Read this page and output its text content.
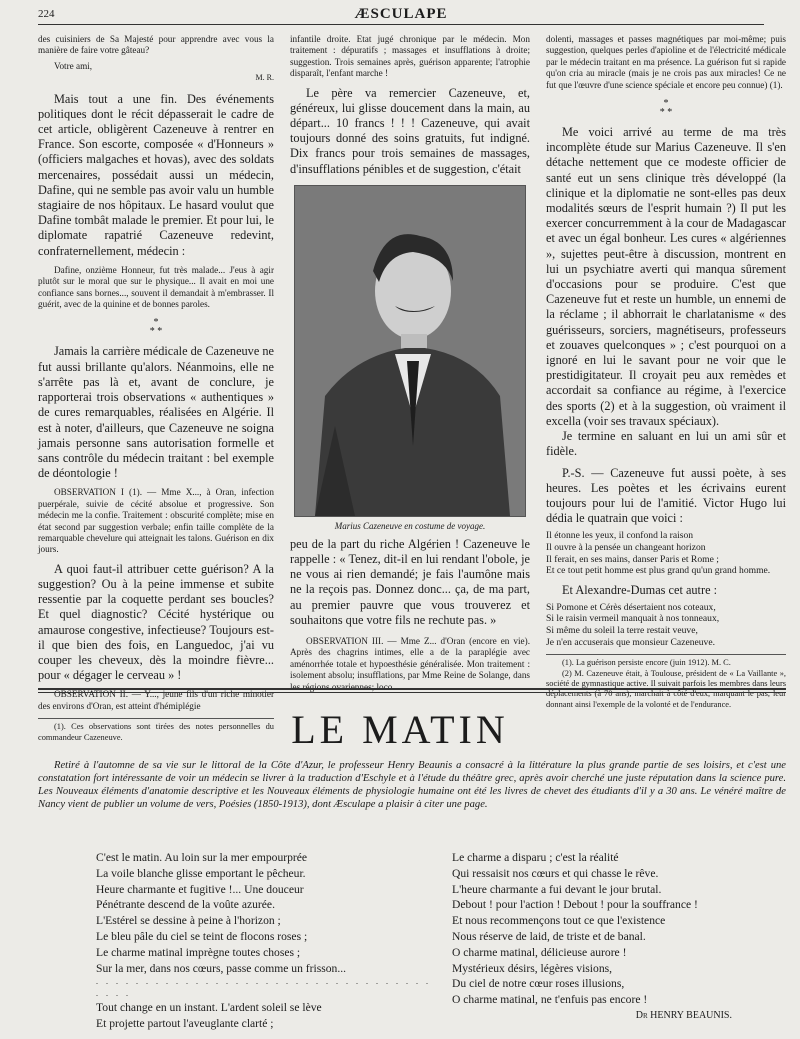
224	ÆSCULAPE

des cuisiniers de Sa Majesté pour apprendre avec vous la manière de faire votre gâteau?

Votre ami,

M. R.

Mais tout a une fin. Des événements politiques dont le récit dépasserait le cadre de cet article, obligèrent Cazeneuve à rentrer en France. Son escorte, composée « d'Honneurs » (officiers malgaches et hovas), avec des soldats mercenaires, possédait aussi un médecin, Dafine, qui ne semble pas avoir valu un humble stagiaire de nos hôpitaux. Le hasard voulut que Dafine tombât malade le premier. Et pour lui, le diplomate rapatrié Cazeneuve redevint, confraternellement, médecin :

Dafine, onzième Honneur, fut très malade... J'eus à agir plutôt sur le moral que sur le physique... Il avait en moi une confiance sans bornes..., souvent il demandait à m'embrasser. Il guérit, avec de la quinine et de bonnes paroles.

*
* *

Jamais la carrière médicale de Cazeneuve ne fut aussi brillante qu'alors. Néanmoins, elle ne s'arrête pas là et, avant de conclure, je rapporterai trois observations « authentiques » de cures remarquables, réalisées en Algérie. Il est à noter, d'ailleurs, que Cazeneuve ne soigna jamais personne sans autorisation formelle et sans contrôle du médecin traitant : bel exemple de déontologie !

OBSERVATION I (1). — Mme X..., à Oran, infection puerpérale, suivie de cécité absolue et progressive. Son médecin me la confie. Traitement : obscurité complète; mise en état second par suggestion verbale; enfin taille complète de la remarquable chevelure qui atteignait les talons. Guérison en dix jours.

A quoi faut-il attribuer cette guérison? A la suggestion? Ou à la peine immense et subite ressentie par la coquette perdant ses boucles? Et quel diagnostic? Cécité hystérique ou amaurose congestive, infectieuse? Toujours est-il que bien des fois, en Languedoc, j'ai vu couper les cheveux, dès la moindre fièvre... pour « dégager le cerveau » !

OBSERVATION II. — Y..., jeune fils d'un riche minotier des environs d'Oran, est atteint d'hémiplégie

(1). Ces observations sont tirées des notes personnelles du commandeur Cazeneuve.

infantile droite. Etat jugé chronique par le médecin. Mon traitement : dépuratifs ; massages et insufflations à droite; suggestion. Trois semaines après, guérison apparente; l'atrophie disparaît, l'enfant marche !

Le père va remercier Cazeneuve, et, généreux, lui glisse doucement dans la main, au départ... 10 francs ! ! ! Cazeneuve, qui avait toujours donné des soins gratuits, fut indigné. Dix francs pour trois semaines de massages, d'insufflations pénibles et de suggestion, c'était

Marius Cazeneuve en costume de voyage.

peu de la part du riche Algérien ! Cazeneuve le rappelle : « Tenez, dit-il en lui rendant l'obole, je ne vous ai rien demandé; je fais l'aumône mais ne la reçois pas. Donnez donc... ça, de ma part, au premier pauvre que vous trouverez et souhaitons que votre fils ne rechute pas. »

OBSERVATION III. — Mme Z... d'Oran (encore en vie). Après des chagrins intimes, elle a de la paraplégie avec aménorrhée totale et hypoesthésie généralisée. Mon traitement : isolement absolu; insufflations, par Mme Reine de Solange, dans les régions ovariennes; loco

dolenti, massages et passes magnétiques par moi-même; puis suggestion, quelques perles d'apioline et de l'électricité médicale par le médecin traitant en ma présence. La guérison fut si rapide qu'on cria au miracle (mais je ne crois pas aux miracles! Ce ne fut que l'œuvre d'une science spéciale et encore peu connue) (1).

*
* *

Me voici arrivé au terme de ma très incomplète étude sur Marius Cazeneuve. Il s'en détache nettement que ce modeste officier de santé eut un sens clinique très développé (la clinique et la diplomatie ne sont-elles pas deux modalités sœurs de l'esprit humain ?) Il put les exercer concurremment à la cour de Madagascar et avec un égal bonheur. Les cures « algériennes », sujettes peut-être à discussion, montrent en lui un psychiatre averti qui manqua sûrement d'occasions pour se produire. C'est que Cazeneuve fut et reste un humble, un ennemi de la réclame ; il abhorrait le charlatanisme « des guérisseurs, sorciers, magnétiseurs, professeurs et zouaves quelconques » ; c'est pourquoi on a ignoré en lui le savant pour ne voir que le prestidigitateur. Il croyait peu aux remèdes et accordait sa confiance au régime, à l'exercice des sports (2) et à la suggestion, où vraiment il excella (voir ses travaux spéciaux).

Je termine en saluant en lui un ami sûr et fidèle.

P.-S. — Cazeneuve fut aussi poète, à ses heures. Les poètes et les écrivains eurent toujours pour lui de l'amitié. Victor Hugo lui dédia le quatrain que voici :

Il étonne les yeux, il confond la raison
Il ouvre à la pensée un changeant horizon
Il ferait, en ses mains, danser Paris et Rome ;
Et ce tout petit homme est plus grand qu'un grand homme.

Et Alexandre-Dumas cet autre :

Si Pomone et Cérès désertaient nos coteaux,
Si le raisin vermeil manquait à nos tonneaux,
Si même du soleil la terre restait veuve,
Je n'en accuserais que monsieur Cazeneuve.

(1). La guérison persiste encore (juin 1912). M. C.

(2) M. Cazeneuve était, à Toulouse, président de « La Vaillante », société de gymnastique active. Il suivait parfois les membres dans leurs déplacements (à 70 ans), marchait à côté d'eux, marquant le pas, leur donnant ainsi l'exemple de la volonté et de l'endurance.

LE MATIN

Retiré à l'automne de sa vie sur le littoral de la Côte d'Azur, le professeur Henry Beaunis a consacré à la littérature la plus grande partie de ses loisirs, et c'est une constatation fort intéressante de voir un médecin se livrer à la traduction d'Eschyle et à l'étude du théâtre grec, après avoir cherché une juste réputation dans la science pure. Les Nouveaux éléments d'anatomie descriptive et les Nouveaux éléments de physiologie humaine ont été les livres de chevet des étudiants d'il y a 30 ans. Le vénéré maître de Nancy vient de publier un volume de vers, Poésies (1850-1913), dont Æsculape a plaisir à citer une page.

C'est le matin. Au loin sur la mer empourprée
La voile blanche glisse emportant le pêcheur.
Heure charmante et fugitive !... Une douceur
Pénétrante descend de la voûte azurée.
L'Estérel se dessine à peine à l'horizon ;
Le bleu pâle du ciel se teint de flocons roses ;
Le charme matinal imprègne toutes choses ;
Sur la mer, dans nos cœurs, passe comme un frisson...
. . . . . . . . . . . . . . . . . . . . . . . . . . . . . . . . . . . . . .
Tout change en un instant. L'ardent soleil se lève
Et projette partout l'aveuglante clarté ;
Le charme a disparu ; c'est la réalité
Qui ressaisit nos cœurs et qui chasse le rêve.
L'heure charmante a fui devant le jour brutal.
Debout ! pour l'action ! Debout ! pour la souffrance !
Et nous recommençons tout ce que l'existence
Nous réserve de laid, de triste et de banal.
O charme matinal, délicieuse aurore !
Mystérieux désirs, légères visions,
Du ciel de notre cœur roses illusions,
O charme matinal, ne t'enfuis pas encore !
Dr HENRY BEAUNIS.
